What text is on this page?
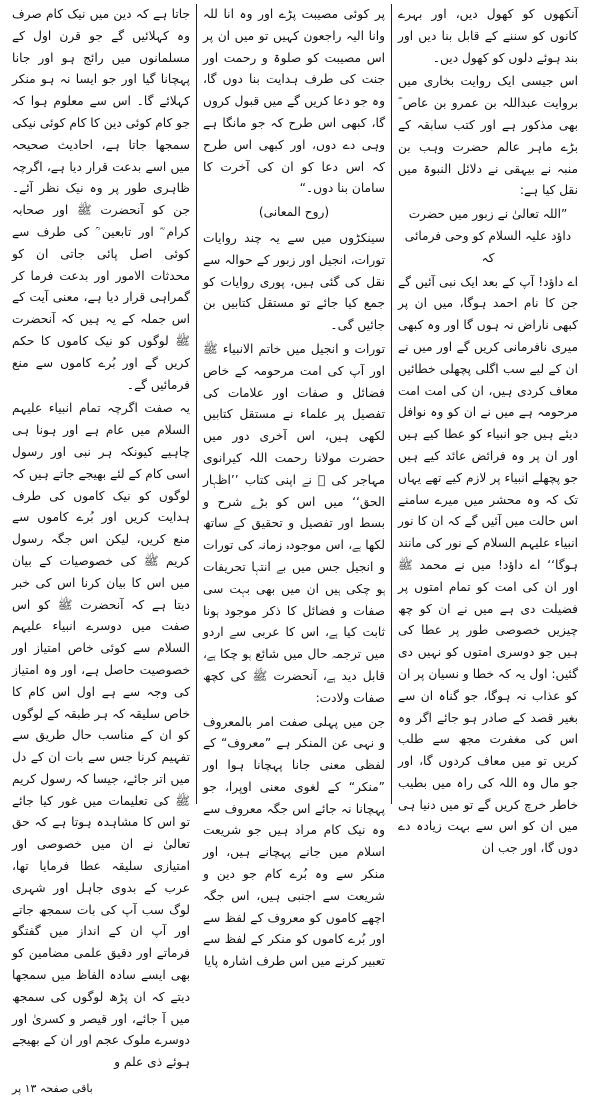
آنکھوں کو کھول دیں، اور بہرے کانوں کو سننے کے قابل بنا دیں اور بند ہوئے دلوں کو کھول دیں۔

اس جیسی ایک روایت بخاری میں بروایت عبداللہ بن عمرو بن عاص ؓ بھی مذکور ہے اور کتب سابقہ کے بڑے ماہر عالم حضرت وہب بن منبہ نے بیہقی نے دلائل النبوۃ میں نقل کیا ہے:

”اللہ تعالیٰ نے زبور میں حضرت داؤد علیہ السلام کو وحی فرمائی کہ

اے داؤد! آپ کے بعد ایک نبی آئیں گے جن کا نام احمد ہوگا، میں ان پر کبھی ناراض نہ ہوں گا اور وہ کبھی میری نافرمانی کریں گے اور میں نے ان کے لیے سب اگلی پچھلی خطائیں معاف کردی ہیں، ان کی امت امت مرحومہ ہے میں نے ان کو وہ نوافل دیئے ہیں جو انبیاء کو عطا کیے ہیں اور ان پر وہ فرائض عائد کیے ہیں جو پچھلے انبیاء پر لازم کیے تھے یہاں تک کہ وہ محشر میں میرے سامنے اس حالت میں آئیں گے کہ ان کا نور انبیاء علیہم السلام کے نور کی مانند ہوگا‘‘ اے داؤد! میں نے محمد ﷺ اور ان کی امت کو تمام امتوں پر فضیلت دی ہے میں نے ان کو چھ چیزیں خصوصی طور پر عطا کی ہیں جو دوسری امتوں کو نہیں دی گئیں: اول یہ کہ خطا و نسیان پر ان کو عذاب نہ ہوگا، جو گناہ ان سے بغیر قصد کے صادر ہو جائے اگر وہ اس کی مغفرت مجھ سے طلب کریں تو میں معاف کردوں گا، اور جو مال وہ اللہ کی راہ میں بطیب خاطر خرچ کریں گے تو میں دنیا ہی میں ان کو اس سے بہت زیادہ دے دوں گا، اور جب ان

پر کوئی مصیبت پڑے اور وہ انا للہ وانا الیہ راجعون کہیں تو میں ان پر اس مصیبت کو صلوۃ و رحمت اور جنت کی طرف ہدایت بنا دوں گا، وہ جو دعا کریں گے میں قبول کروں گا، کبھی اس طرح کہ جو مانگا ہے وہی دے دوں، اور کبھی اس طرح کہ اس دعا کو ان کی آخرت کا سامان بنا دوں۔“

(روح المعانی)

سینکڑوں میں سے یہ چند روایات تورات، انجیل اور زبور کے حوالہ سے نقل کی گئی ہیں، پوری روایات کو جمع کیا جائے تو مستقل کتابیں بن جائیں گی۔

تورات و انجیل میں خاتم الانبیاء ﷺ اور آپ کی امت مرحومہ کے خاص فضائل و صفات اور علامات کی تفصیل پر علماء نے مستقل کتابیں لکھی ہیں، اس آخری دور میں حضرت مولانا رحمت اللہ کیرانوی مہاجر کی ﷫ نے اپنی کتاب ’’اظہار الحق‘‘ میں اس کو بڑے شرح و بسط اور تفصیل و تحقیق کے ساتھ لکھا ہے، اس موجودہ زمانہ کی تورات و انجیل جس میں بے انتہا تحریفات ہو چکی ہیں ان میں بھی بہت سی صفات و فضائل کا ذکر موجود ہونا ثابت کیا ہے، اس کا عربی سے اردو میں ترجمہ حال میں شائع ہو چکا ہے، قابل دید ہے، آنحضرت ﷺ کی کچھ صفات ولادت:

جن میں پہلی صفت امر بالمعروف و نہی عن المنکر ہے ”معروف“ کے لفظی معنی جانا پہچانا ہوا اور ”منکر“ کے لغوی معنی اوپرا، جو پہچانا نہ جائے اس جگہ معروف سے وہ نیک کام مراد ہیں جو شریعت اسلام میں جانے پہچانے ہیں، اور منکر سے وہ بُرے کام جو دین و شریعت سے اجنبی ہیں، اس جگہ اچھے کاموں کو معروف کے لفظ سے اور بُرے کاموں کو منکر کے لفظ سے تعبیر کرنے میں اس طرف اشارہ پایا

جاتا ہے کہ دین میں نیک کام صرف وہ کہلائیں گے جو قرن اول کے مسلمانوں میں رائج ہو اور جانا پہچانا گیا اور جو ایسا نہ ہو منکر کہلائے گا۔ اس سے معلوم ہوا کہ جو کام کوئی دین کا کام کوئی نیکی سمجھا جاتا ہے، احادیث صحیحہ میں اسے بدعت قرار دیا ہے، اگرچہ ظاہری طور پر وہ نیک نظر آئے۔ جن کو آنحضرت ﷺ اور صحابہ کرام ؓ اور تابعین ؒ کی طرف سے کوئی اصل پائی جاتی ان کو محدثات الامور اور بدعت فرما کر گمراہی قرار دیا ہے، معنی آیت کے اس جملہ کے یہ ہیں کہ آنحضرت ﷺ لوگوں کو نیک کاموں کا حکم کریں گے اور بُرے کاموں سے منع فرمائیں گے۔

یہ صفت اگرچہ تمام انبیاء علیہم السلام میں عام ہے اور ہونا ہی چاہیے کیونکہ ہر نبی اور رسول اسی کام کے لئے بھیجے جاتے ہیں کہ لوگوں کو نیک کاموں کی طرف ہدایت کریں اور بُرے کاموں سے منع کریں، لیکن اس جگہ رسول کریم ﷺ کی خصوصیات کے بیان میں اس کا بیان کرنا اس کی خبر دیتا ہے کہ آنحضرت ﷺ کو اس صفت میں دوسرے انبیاء علیہم السلام سے کوئی خاص امتیاز اور خصوصیت حاصل ہے، اور وہ امتیاز کی وجہ سے ہے اول اس کام کا خاص سلیقہ کہ ہر طبقہ کے لوگوں کو ان کے مناسب حال طریق سے تفہیم کرنا جس سے بات ان کے دل میں اتر جائے، جیسا کہ رسول کریم ﷺ کی تعلیمات میں غور کیا جائے تو اس کا مشاہدہ ہوتا ہے کہ حق تعالیٰ نے ان میں خصوصی اور امتیازی سلیقہ عطا فرمایا تھا، عرب کے بدوی جاہل اور شہری لوگ سب آپ کی بات سمجھ جاتے اور آپ ان کے انداز میں گفتگو فرماتے اور دقیق علمی مضامین کو بھی ایسے سادہ الفاظ میں سمجھا دیتے کہ ان پڑھ لوگوں کی سمجھ میں آ جائے، اور قیصر و کسریٰ اور دوسرے ملوک عجم اور ان کے بھیجے ہوئے ذی علم و

باقی صفحہ ۱۳ پر
